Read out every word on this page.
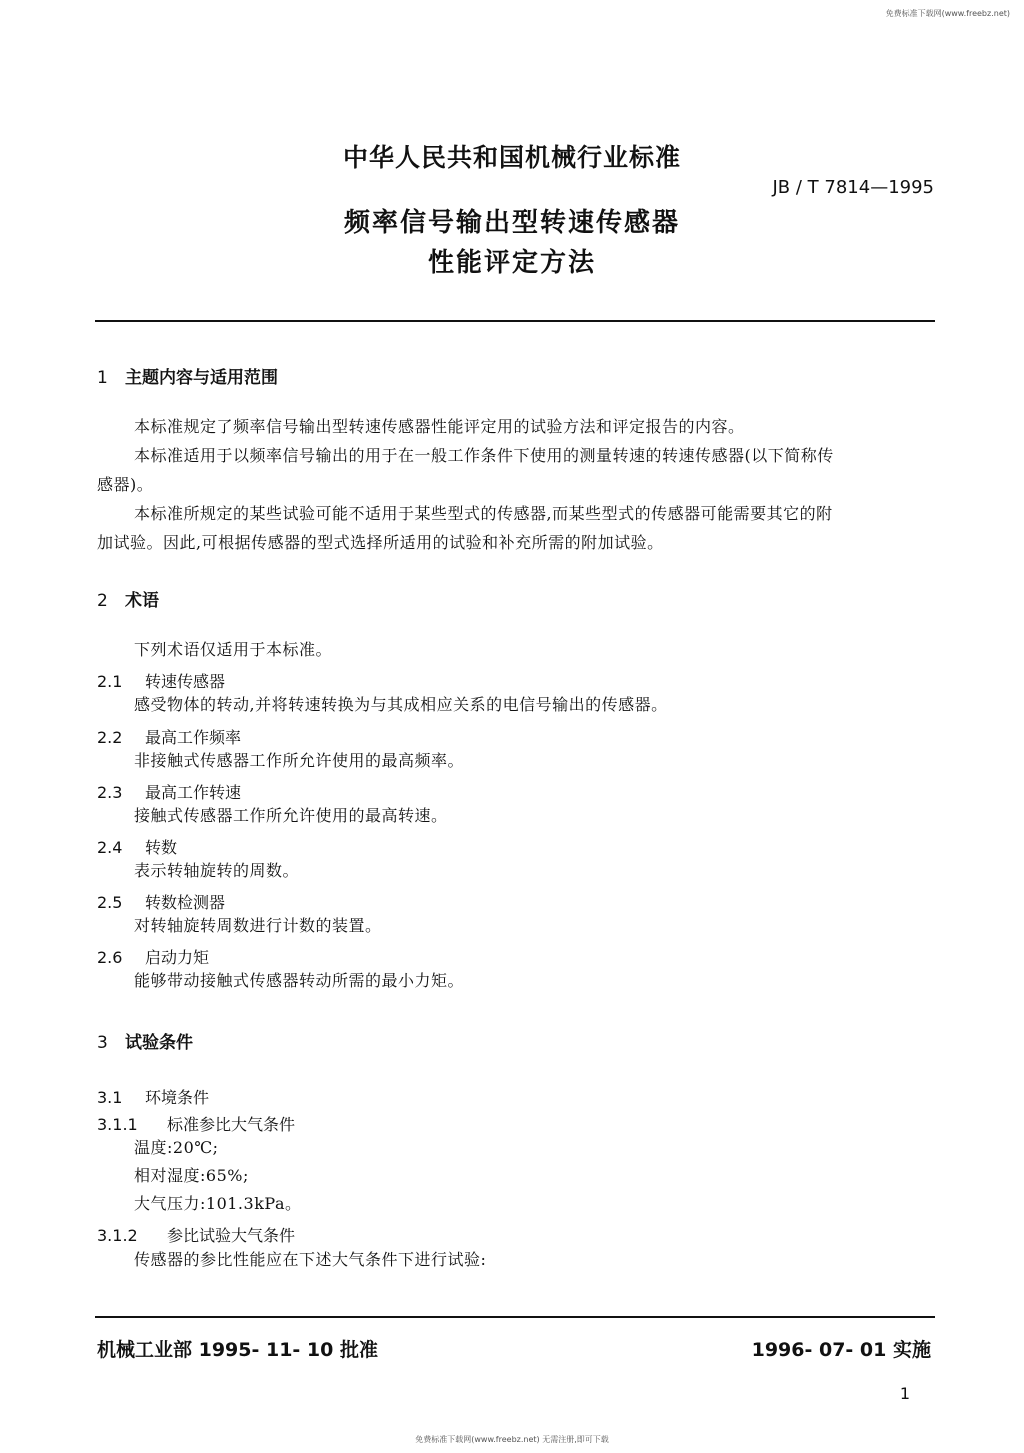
免费标准下载网(www.freebz.net)
中华人民共和国机械行业标准
JB / T 7814—1995
频率信号输出型转速传感器
性能评定方法
1 主题内容与适用范围
本标准规定了频率信号输出型转速传感器性能评定用的试验方法和评定报告的内容。
本标准适用于以频率信号输出的用于在一般工作条件下使用的测量转速的转速传感器(以下简称传
感器)。
本标准所规定的某些试验可能不适用于某些型式的传感器,而某些型式的传感器可能需要其它的附
加试验。因此,可根据传感器的型式选择所适用的试验和补充所需的附加试验。
2 术语
下列术语仅适用于本标准。
2.1 转速传感器
感受物体的转动,并将转速转换为与其成相应关系的电信号输出的传感器。
2.2 最高工作频率
非接触式传感器工作所允许使用的最高频率。
2.3 最高工作转速
接触式传感器工作所允许使用的最高转速。
2.4 转数
表示转轴旋转的周数。
2.5 转数检测器
对转轴旋转周数进行计数的装置。
2.6 启动力矩
能够带动接触式传感器转动所需的最小力矩。
3 试验条件
3.1 环境条件
3.1.1 标准参比大气条件
温度:20℃;
相对湿度:65%;
大气压力:101.3kPa。
3.1.2 参比试验大气条件
传感器的参比性能应在下述大气条件下进行试验:
机械工业部 1995- 11- 10 批准	1996- 07- 01 实施
1
免费标准下载网(www.freebz.net) 无需注册,即可下载
